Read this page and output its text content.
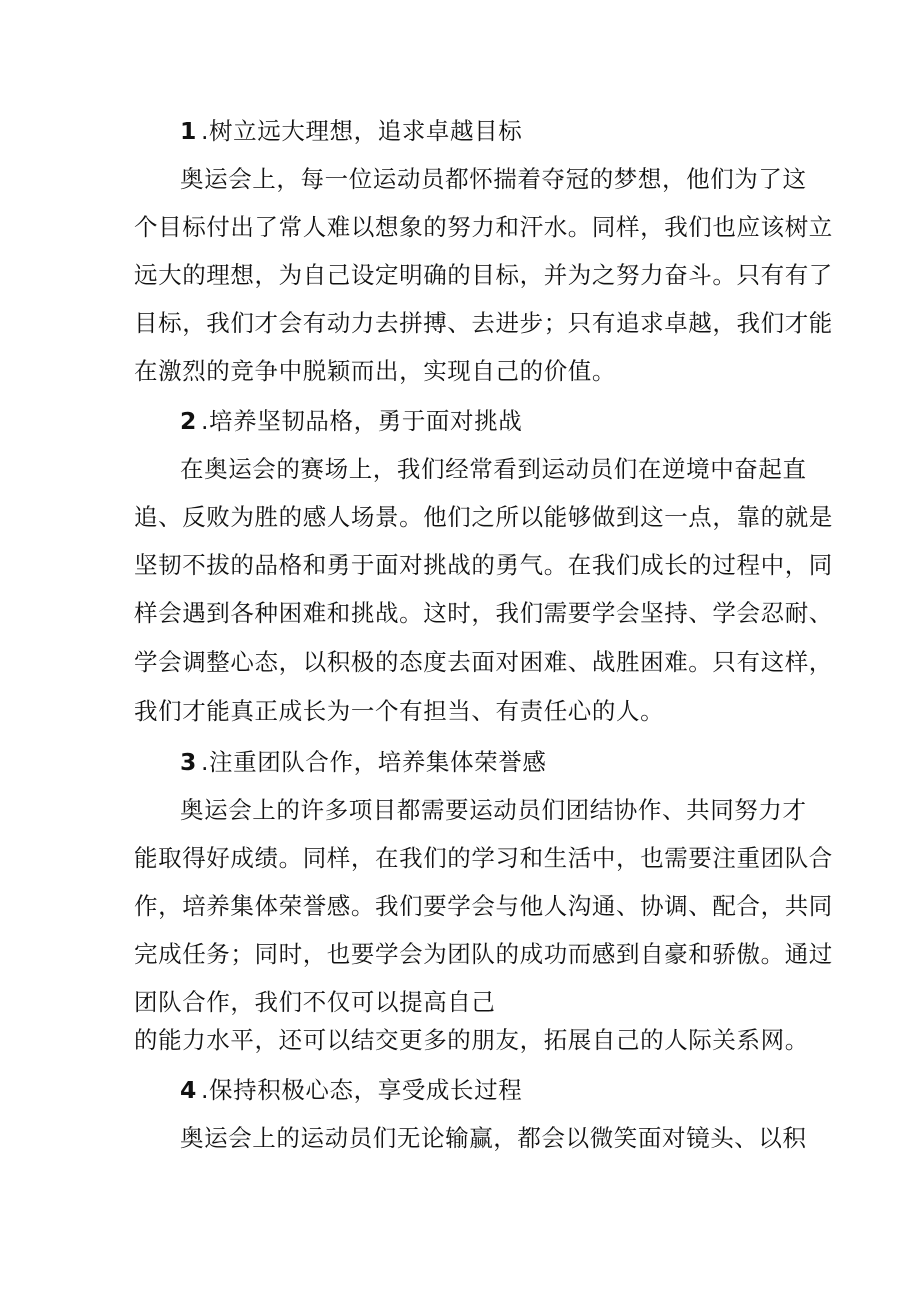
1 .树立远大理想，追求卓越目标
奥运会上，每一位运动员都怀揣着夺冠的梦想，他们为了这
个目标付出了常人难以想象的努力和汗水。同样，我们也应该树立
远大的理想，为自己设定明确的目标，并为之努力奋斗。只有有了
目标，我们才会有动力去拼搏、去进步；只有追求卓越，我们才能
在激烈的竞争中脱颖而出，实现自己的价值。
2 .培养坚韧品格，勇于面对挑战
在奥运会的赛场上，我们经常看到运动员们在逆境中奋起直
追、反败为胜的感人场景。他们之所以能够做到这一点，靠的就是
坚韧不拔的品格和勇于面对挑战的勇气。在我们成长的过程中，同
样会遇到各种困难和挑战。这时，我们需要学会坚持、学会忍耐、
学会调整心态，以积极的态度去面对困难、战胜困难。只有这样，
我们才能真正成长为一个有担当、有责任心的人。
3 .注重团队合作，培养集体荣誉感
奥运会上的许多项目都需要运动员们团结协作、共同努力才
能取得好成绩。同样，在我们的学习和生活中，也需要注重团队合
作，培养集体荣誉感。我们要学会与他人沟通、协调、配合，共同
完成任务；同时，也要学会为团队的成功而感到自豪和骄傲。通过
团队合作，我们不仅可以提高自己
的能力水平，还可以结交更多的朋友，拓展自己的人际关系网。
4 .保持积极心态，享受成长过程
奥运会上的运动员们无论输赢，都会以微笑面对镜头、以积
